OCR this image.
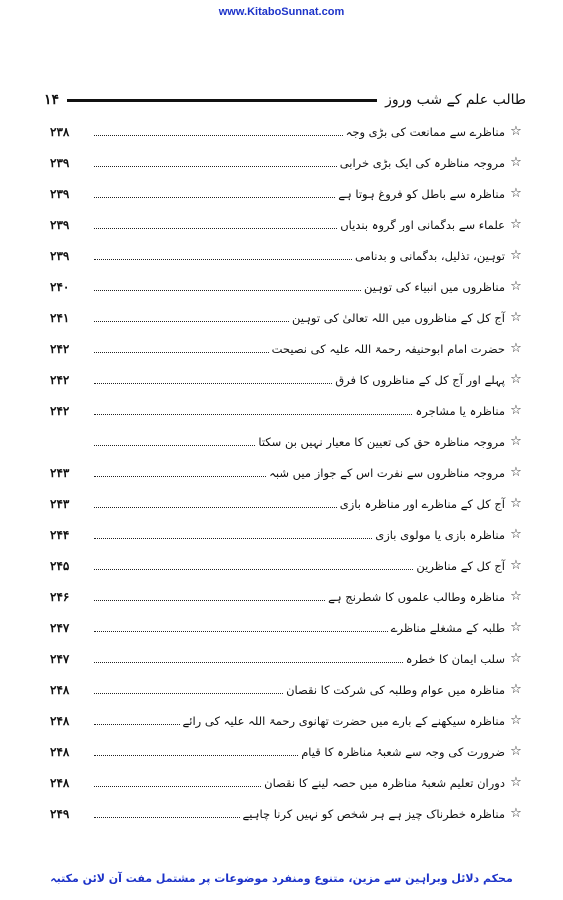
www.KitaboSunnat.com
طالب علم کے شب وروز
۱۴
☆
مناظرے سے ممانعت کی بڑی وجہ
۲۳۸
☆
مروجہ مناظرہ کی ایک بڑی خرابی
۲۳۹
☆
مناظرہ سے باطل کو فروغ ہوتا ہے
۲۳۹
☆
علماء سے بدگمانی اور گروہ بندیاں
۲۳۹
☆
توہین، تذلیل، بدگمانی و بدنامی
۲۳۹
☆
مناظروں میں انبیاء کی توہین
۲۴۰
☆
آج کل کے مناظروں میں اللہ تعالیٰ کی توہین
۲۴۱
☆
حضرت امام ابوحنیفہ رحمۃ اللہ علیہ کی نصیحت
۲۴۲
☆
پہلے اور آج کل کے مناظروں کا فرق
۲۴۲
☆
مناظرہ یا مشاجرہ
۲۴۲
☆
مروجہ مناظرہ حق کی تعیین کا معیار نہیں بن سکتا
☆
مروجہ مناظروں سے نفرت اس کے جواز میں شبہ
۲۴۳
☆
آج کل کے مناظرے اور مناظرہ بازی
۲۴۳
☆
مناظرہ بازی یا مولوی بازی
۲۴۴
☆
آج کل کے مناظرین
۲۴۵
☆
مناظرہ وطالب علموں کا شطرنج ہے
۲۴۶
☆
طلبہ کے مشغلے مناظرے
۲۴۷
☆
سلب ایمان کا خطرہ
۲۴۷
☆
مناظرہ میں عوام وطلبہ کی شرکت کا نقصان
۲۴۸
☆
مناظرہ سیکھنے کے بارے میں حضرت تھانوی رحمۃ اللہ علیہ کی رائے
۲۴۸
☆
ضرورت کی وجہ سے شعبۂ مناظرہ کا قیام
۲۴۸
☆
دوران تعلیم شعبۂ مناظرہ میں حصہ لینے کا نقصان
۲۴۸
☆
مناظرہ خطرناک چیز ہے ہر شخص کو نہیں کرنا چاہیے
۲۴۹
محکم دلائل وبراہین سے مزین، متنوع ومنفرد موضوعات پر مشتمل مفت آن لائن مکتبہ
